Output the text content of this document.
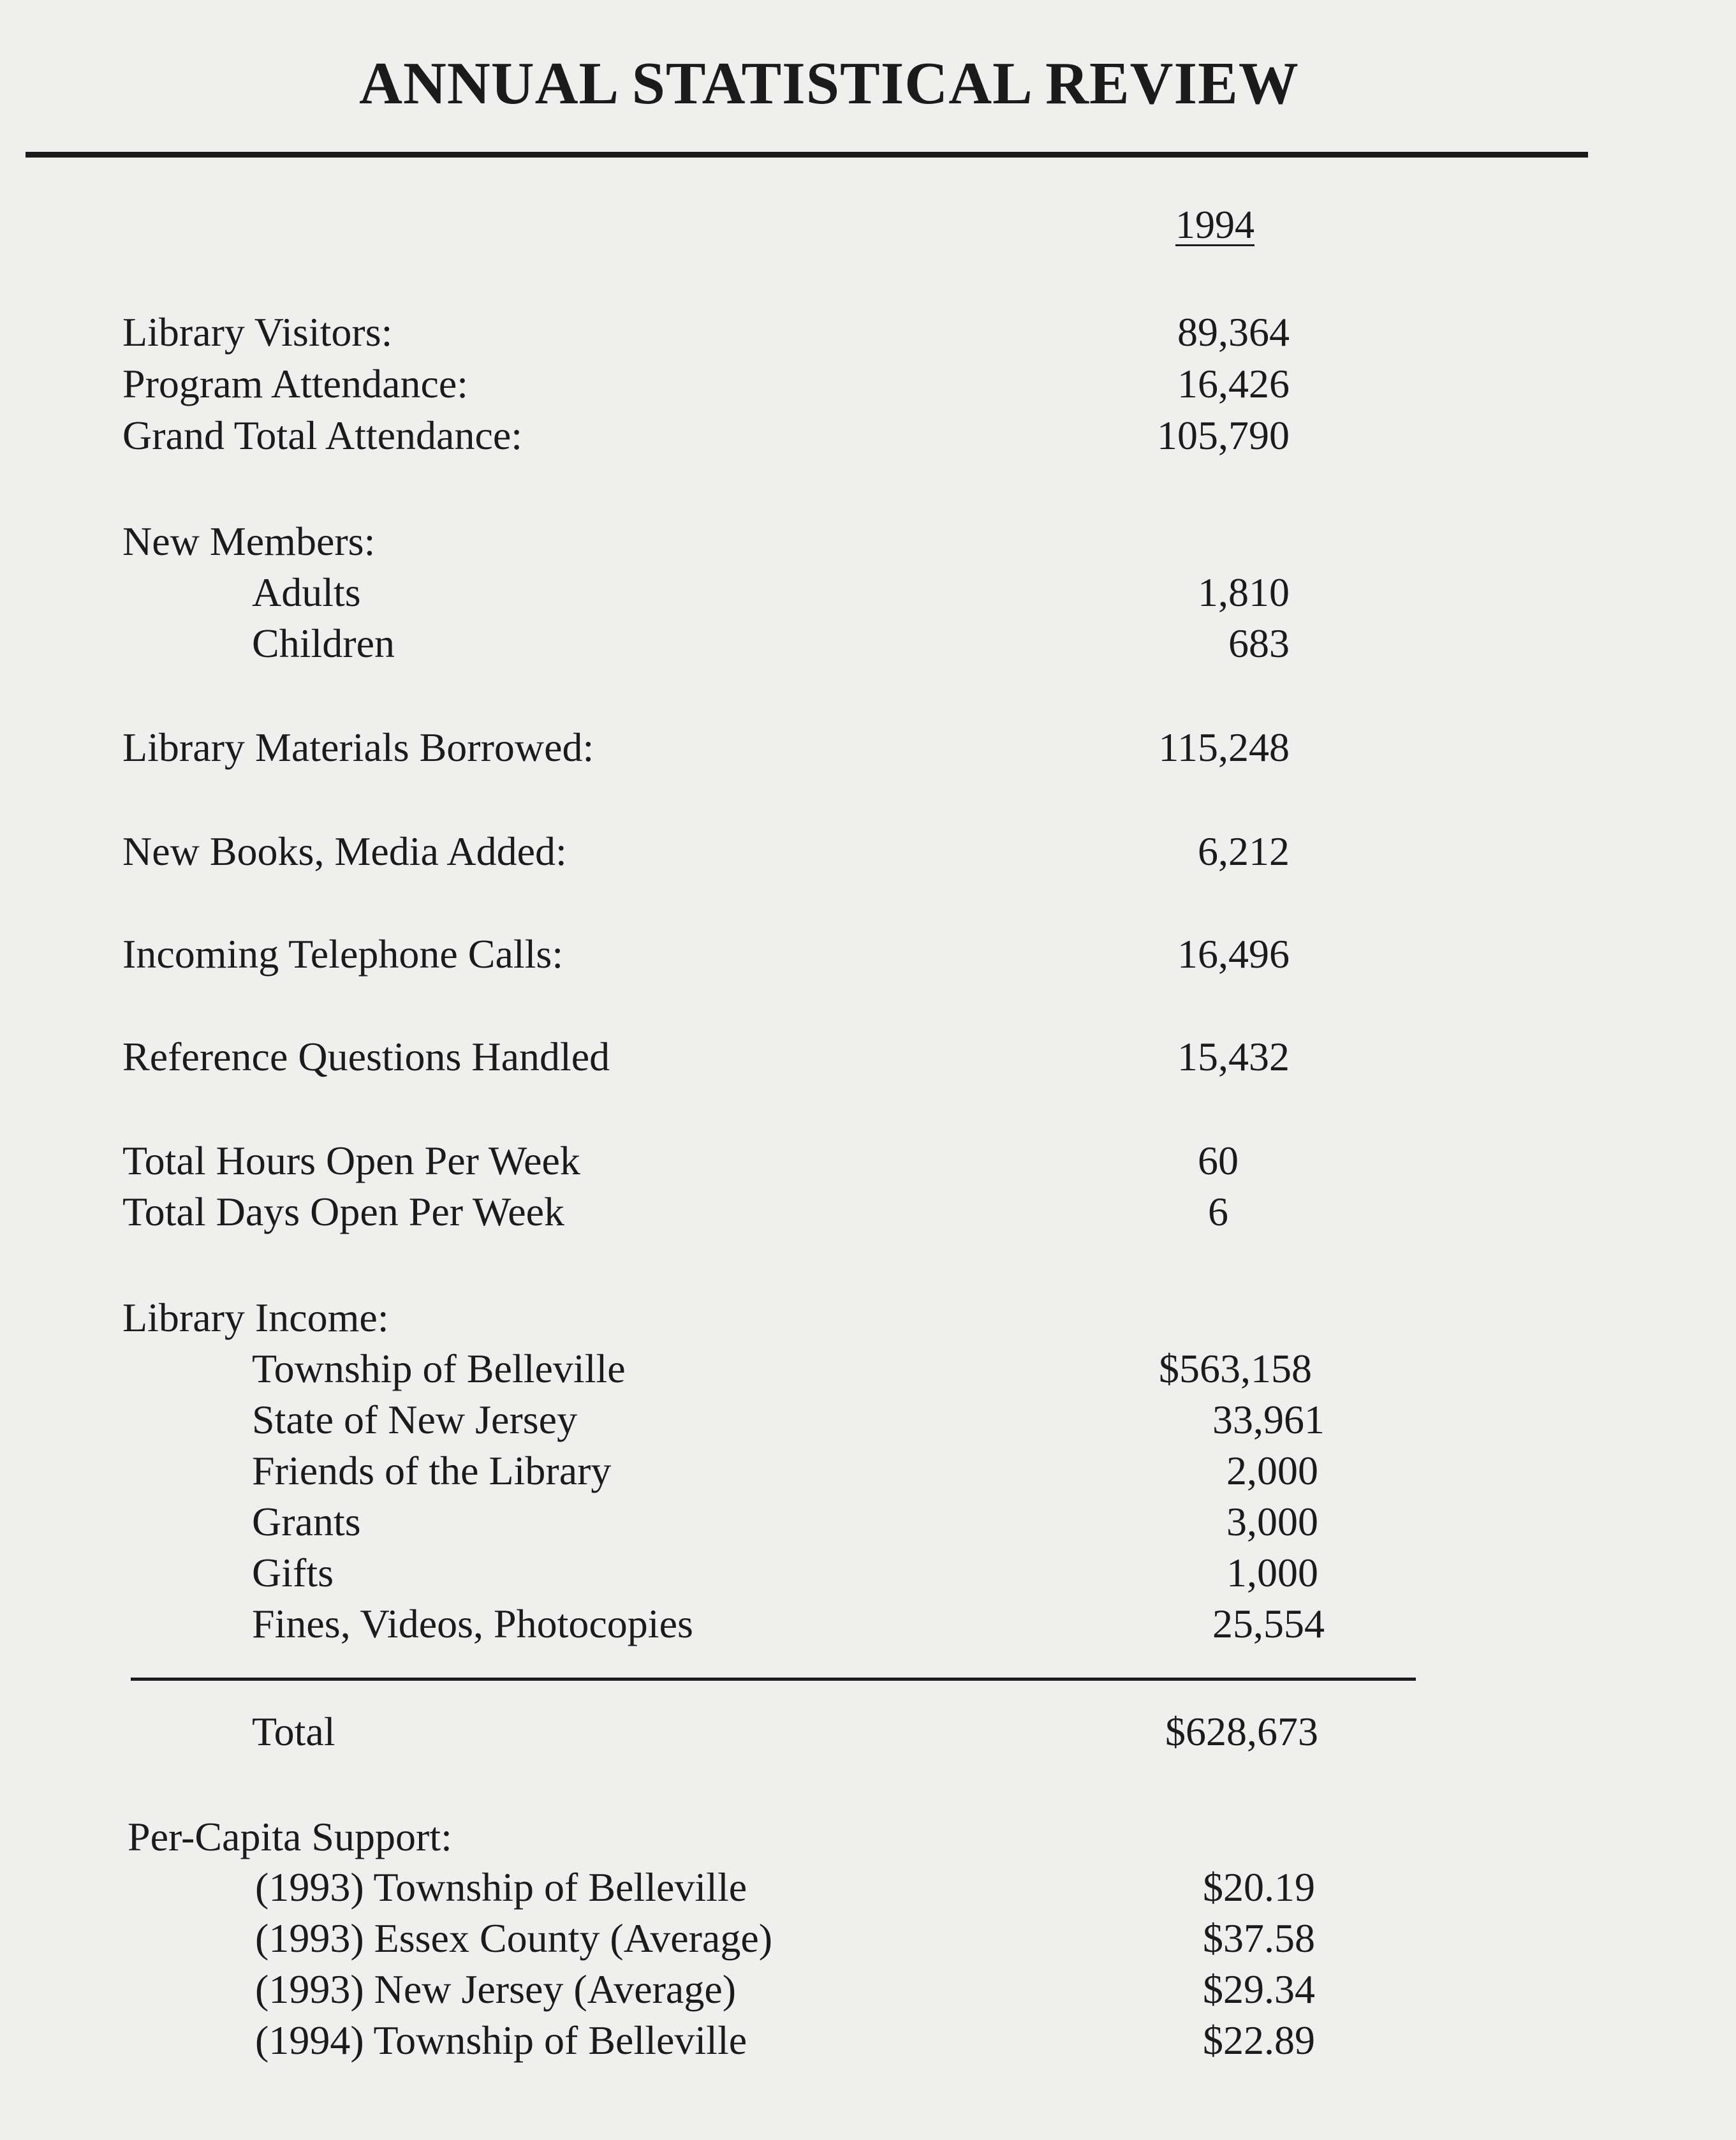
ANNUAL STATISTICAL REVIEW
1994
Library Visitors:	89,364
Program Attendance:	16,426
Grand Total Attendance:	105,790
New Members:
Adults	1,810
Children	683
Library Materials Borrowed:	115,248
New Books, Media Added:	6,212
Incoming Telephone Calls:	16,496
Reference Questions Handled	15,432
Total Hours Open Per Week	60
Total Days Open Per Week	6
Library Income:
Township of Belleville	$563,158
State of New Jersey	33,961
Friends of the Library	2,000
Grants	3,000
Gifts	1,000
Fines, Videos, Photocopies	25,554
Total	$628,673
Per-Capita Support:
(1993) Township of Belleville	$20.19
(1993) Essex County (Average)	$37.58
(1993) New Jersey (Average)	$29.34
(1994) Township of Belleville	$22.89
